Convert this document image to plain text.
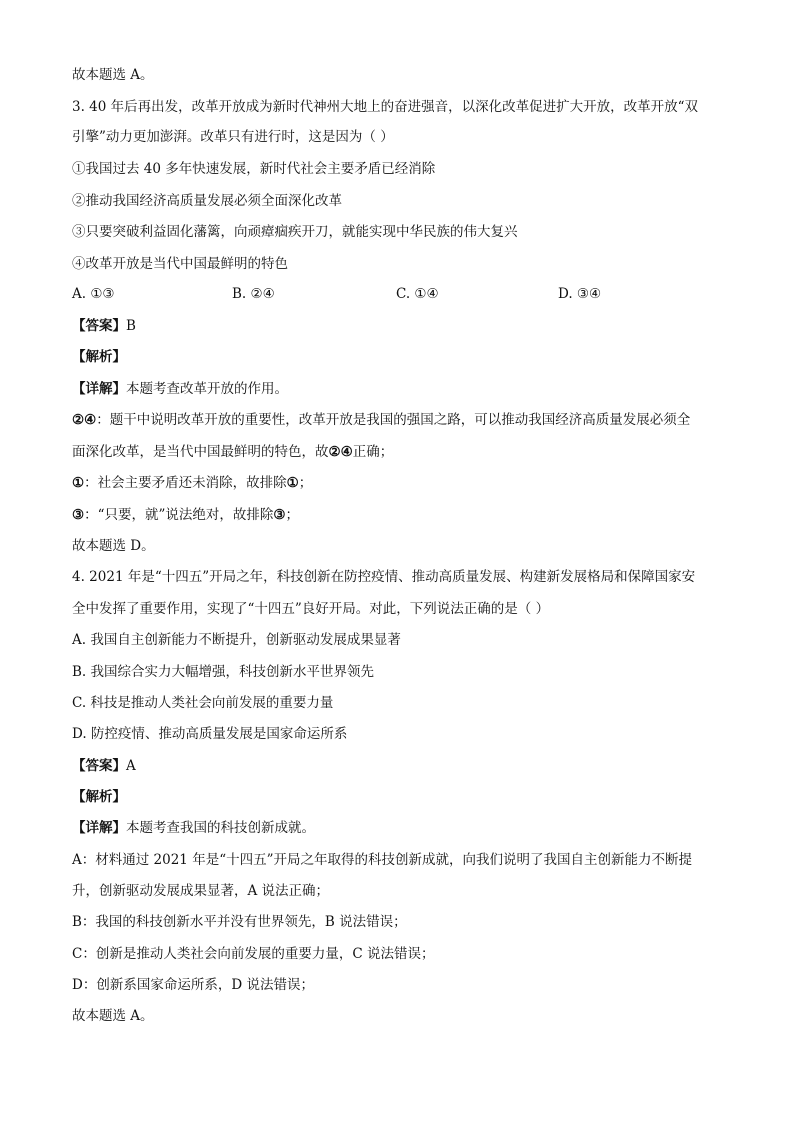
故本题选 A。
3. 40 年后再出发，改革开放成为新时代神州大地上的奋进强音，以深化改革促进扩大开放，改革开放“双
引擎”动力更加澎湃。改革只有进行时，这是因为（ ）
①我国过去 40 多年快速发展，新时代社会主要矛盾已经消除
②推动我国经济高质量发展必须全面深化改革
③只要突破利益固化藩篱，向顽瘴痼疾开刀，就能实现中华民族的伟大复兴
④改革开放是当代中国最鲜明的特色
A. ①③	B. ②④	C. ①④	D. ③④
【答案】B
【解析】
【详解】本题考查改革开放的作用。
②④：题干中说明改革开放的重要性，改革开放是我国的强国之路，可以推动我国经济高质量发展必须全
面深化改革，是当代中国最鲜明的特色，故②④正确；
①：社会主要矛盾还未消除，故排除①；
③：“只要，就”说法绝对，故排除③；
故本题选 D。
4. 2021 年是“十四五”开局之年，科技创新在防控疫情、推动高质量发展、构建新发展格局和保障国家安
全中发挥了重要作用，实现了“十四五”良好开局。对此，下列说法正确的是（ ）
A. 我国自主创新能力不断提升，创新驱动发展成果显著
B. 我国综合实力大幅增强，科技创新水平世界领先
C. 科技是推动人类社会向前发展的重要力量
D. 防控疫情、推动高质量发展是国家命运所系
【答案】A
【解析】
【详解】本题考查我国的科技创新成就。
A：材料通过 2021 年是“十四五”开局之年取得的科技创新成就，向我们说明了我国自主创新能力不断提
升，创新驱动发展成果显著，A 说法正确；
B：我国的科技创新水平并没有世界领先，B 说法错误；
C：创新是推动人类社会向前发展的重要力量，C 说法错误；
D：创新系国家命运所系，D 说法错误；
故本题选 A。
